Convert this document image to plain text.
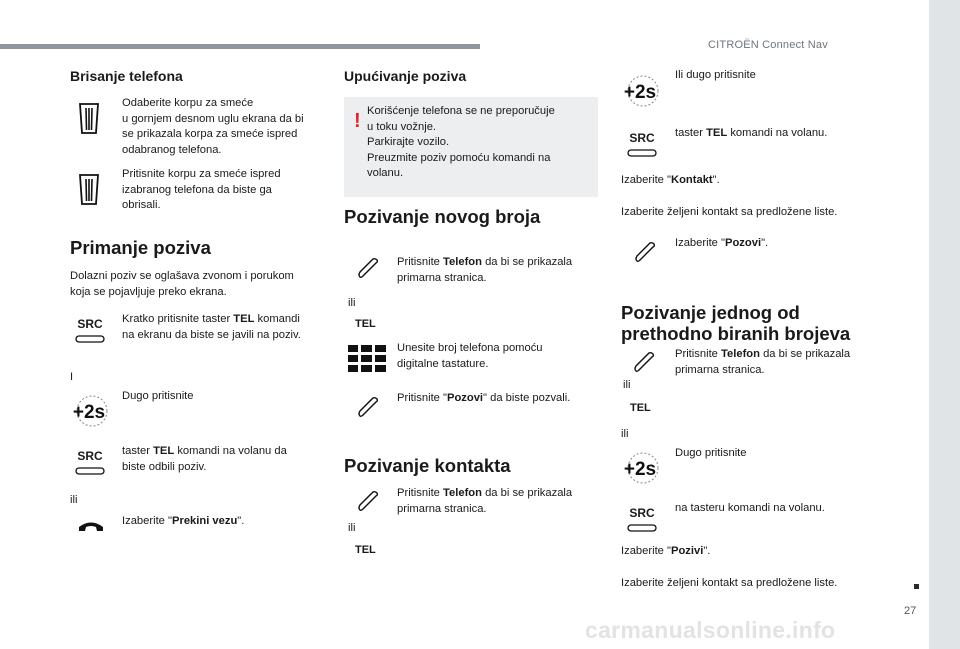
CITROËN Connect Nav
27
Brisanje telefona
Odaberite korpu za smeće
u gornjem desnom uglu ekrana da bi
se prikazala korpa za smeće ispred
odabranog telefona.
Pritisnite korpu za smeće ispred
izabranog telefona da biste ga
obrisali.
Primanje poziva
Dolazni poziv se oglašava zvonom i porukom
koja se pojavljuje preko ekrana.
SRC	Kratko pritisnite taster TEL komandi
na ekranu da biste se javili na poziv.
I
+2s
Dugo pritisnite
SRC	taster TEL komandi na volanu da
biste odbili poziv.
ili
Izaberite "Prekini vezu".
Upućivanje poziva
! Korišćenje telefona se ne preporučuje
u toku vožnje.
Parkirajte vozilo.
Preuzmite poziv pomoću komandi na
volanu.
Pozivanje novog broja
ili
TEL
Pritisnite Telefon da bi se prikazala
primarna stranica.
Unesite broj telefona pomoću
digitalne tastature.
Pritisnite "Pozovi" da biste pozvali.
Pozivanje kontakta
ili
TEL
Pritisnite Telefon da bi se prikazala
primarna stranica.
+2s
Ili dugo pritisnite
SRC	taster TEL komandi na volanu.
Izaberite "Kontakt".
Izaberite željeni kontakt sa predložene liste.
Izaberite "Pozovi".
Pozivanje jednog od
prethodno biranih brojeva
ili
TEL
Pritisnite Telefon da bi se prikazala
primarna stranica.
ili
+2s
Dugo pritisnite
SRC	na tasteru komandi na volanu.
Izaberite "Pozivi".
Izaberite željeni kontakt sa predložene liste.
carmanualsonline.info
